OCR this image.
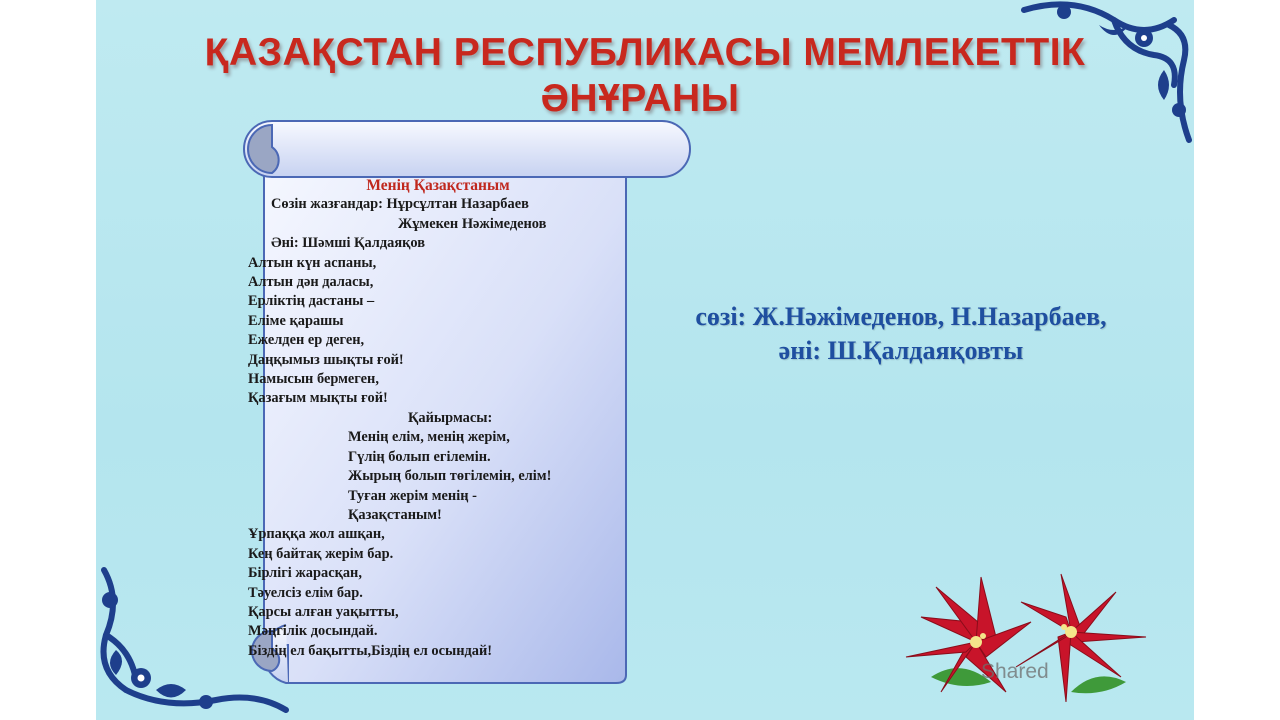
ҚАЗАҚСТАН РЕСПУБЛИКАСЫ МЕМЛЕКЕТТІК
ӘНҰРАНЫ
Менің Қазақстаным
Сөзін жазғандар: Нұрсұлтан Назарбаев
Жұмекен Нәжімеденов
Әні: Шәмші Қалдаяқов
Алтын күн аспаны,
Алтын дән даласы,
Ерліктің дастаны –
Еліме қарашы
Ежелден ер деген,
Даңқымыз шықты ғой!
Намысын бермеген,
Қазағым мықты ғой!
Қайырмасы:
Менің елім, менің жерім,
Гүлің болып егілемін.
Жырың болып төгілемін, елім!
Туған жерім менің -
Қазақстаным!
Ұрпаққа жол ашқан,
Кең байтақ жерім бар.
Бірлігі жарасқан,
Тәуелсіз елім бар.
Қарсы алған уақытты,
Мәңгілік досындай.
Біздің ел бақытты,Біздің ел осындай!
сөзі: Ж.Нәжімеденов, Н.Назарбаев,
әні: Ш.Қалдаяқовты
Shared
